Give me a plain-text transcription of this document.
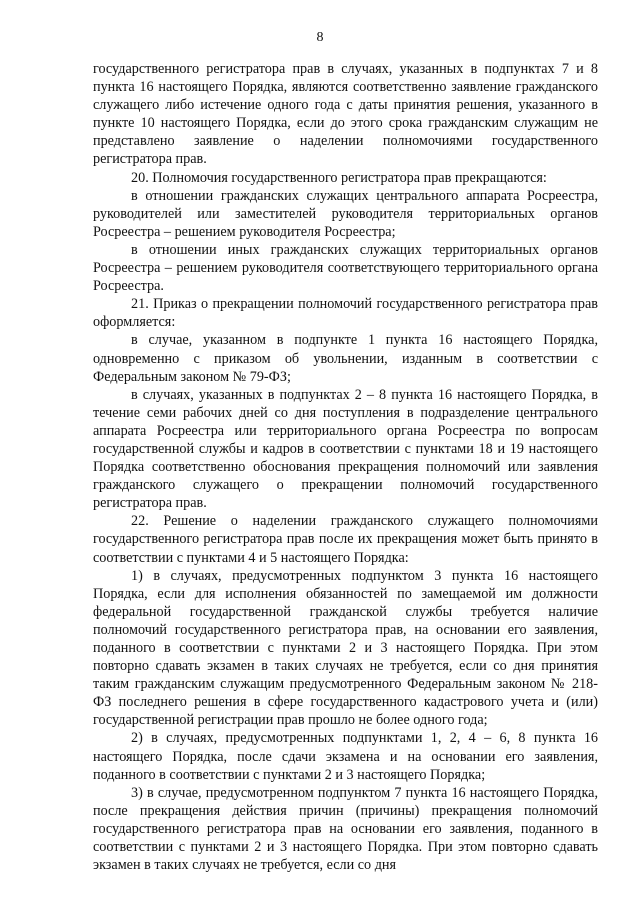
8

государственного регистратора прав в случаях, указанных в подпунктах 7 и 8 пункта 16 настоящего Порядка, являются соответственно заявление гражданского служащего либо истечение одного года с даты принятия решения, указанного в пункте 10 настоящего Порядка, если до этого срока гражданским служащим не представлено заявление о наделении полномочиями государственного регистратора прав.

20. Полномочия государственного регистратора прав прекращаются:

в отношении гражданских служащих центрального аппарата Росреестра, руководителей или заместителей руководителя территориальных органов Росреестра – решением руководителя Росреестра;

в отношении иных гражданских служащих территориальных органов Росреестра – решением руководителя соответствующего территориального органа Росреестра.

21. Приказ о прекращении полномочий государственного регистратора прав оформляется:

в случае, указанном в подпункте 1 пункта 16 настоящего Порядка, одновременно с приказом об увольнении, изданным в соответствии с Федеральным законом № 79-ФЗ;

в случаях, указанных в подпунктах 2 – 8 пункта 16 настоящего Порядка, в течение семи рабочих дней со дня поступления в подразделение центрального аппарата Росреестра или территориального органа Росреестра по вопросам государственной службы и кадров в соответствии с пунктами 18 и 19 настоящего Порядка соответственно обоснования прекращения полномочий или заявления гражданского служащего о прекращении полномочий государственного регистратора прав.

22. Решение о наделении гражданского служащего полномочиями государственного регистратора прав после их прекращения может быть принято в соответствии с пунктами 4 и 5 настоящего Порядка:

1) в случаях, предусмотренных подпунктом 3 пункта 16 настоящего Порядка, если для исполнения обязанностей по замещаемой им должности федеральной государственной гражданской службы требуется наличие полномочий государственного регистратора прав, на основании его заявления, поданного в соответствии с пунктами 2 и 3 настоящего Порядка. При этом повторно сдавать экзамен в таких случаях не требуется, если со дня принятия таким гражданским служащим предусмотренного Федеральным законом № 218-ФЗ последнего решения в сфере государственного кадастрового учета и (или) государственной регистрации прав прошло не более одного года;

2) в случаях, предусмотренных подпунктами 1, 2, 4 – 6, 8 пункта 16 настоящего Порядка, после сдачи экзамена и на основании его заявления, поданного в соответствии с пунктами 2 и 3 настоящего Порядка;

3) в случае, предусмотренном подпунктом 7 пункта 16 настоящего Порядка, после прекращения действия причин (причины) прекращения полномочий государственного регистратора прав на основании его заявления, поданного в соответствии с пунктами 2 и 3 настоящего Порядка. При этом повторно сдавать экзамен в таких случаях не требуется, если со дня
